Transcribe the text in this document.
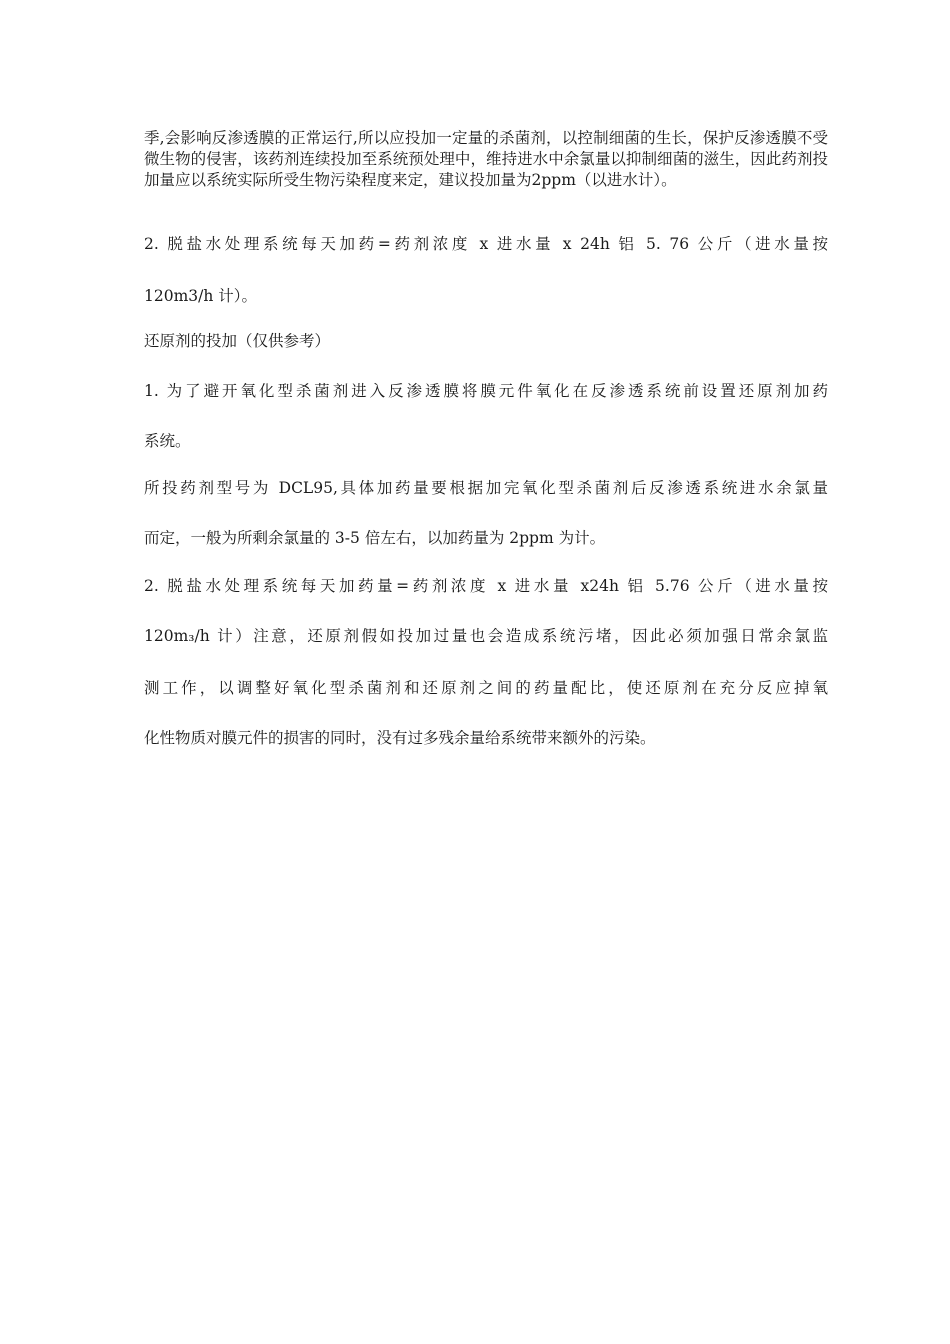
季,会影响反渗透膜的正常运行,所以应投加一定量的杀菌剂，以控制细菌的生长，保护反渗透膜不受微生物的侵害，该药剂连续投加至系统预处理中，维持进水中余氯量以抑制细菌的滋生，因此药剂投加量应以系统实际所受生物污染程度来定，建议投加量为2ppm（以进水计）。

2. 脱盐水处理系统每天加药=药剂浓度 x 进水量 x 24h 铝 5. 76 公斤（进水量按

120m3/h 计）。

还原剂的投加（仅供参考）

1. 为了避开氧化型杀菌剂进入反渗透膜将膜元件氧化在反渗透系统前设置还原剂加药

系统。

所投药剂型号为 DCL95,具体加药量要根据加完氧化型杀菌剂后反渗透系统进水余氯量

而定，一般为所剩余氯量的 3-5 倍左右，以加药量为 2ppm 为计。

2. 脱盐水处理系统每天加药量=药剂浓度 x 进水量 x24h 铝 5.76 公斤（进水量按

120m₃/h 计）注意，还原剂假如投加过量也会造成系统污堵，因此必须加强日常余氯监

测工作，以调整好氧化型杀菌剂和还原剂之间的药量配比，使还原剂在充分反应掉氧

化性物质对膜元件的损害的同时，没有过多残余量给系统带来额外的污染。
